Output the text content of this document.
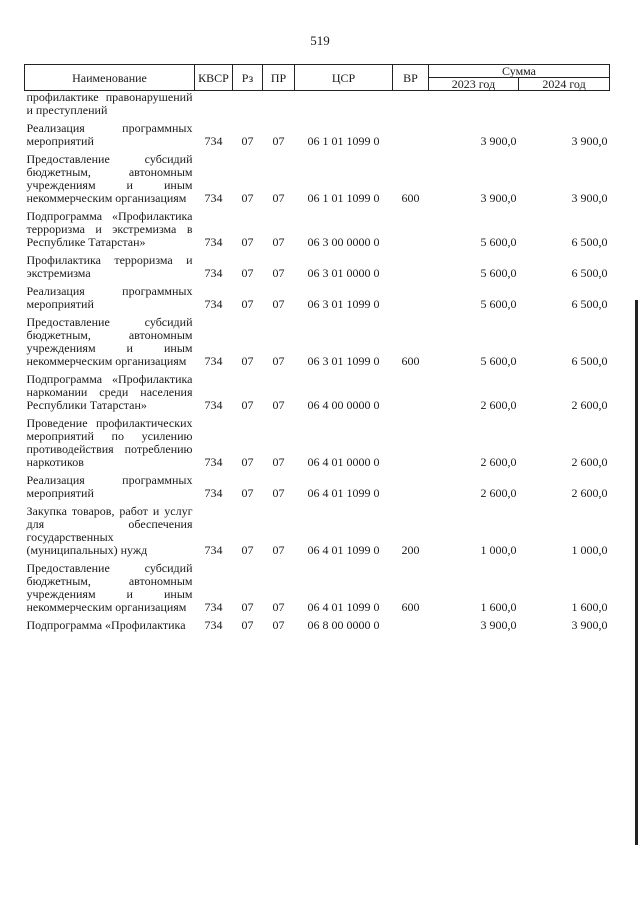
519
Наименование	КВСР	Рз	ПР	ЦСР	ВР	Сумма	
						2023 год	2024 год
профилактике правонарушений и преступлений							
Реализация программных мероприятий	734	07	07	06 1 01 1099 0		3 900,0	3 900,0
Предоставление субсидий бюджетным, автономным учреждениям и иным некоммерческим организациям	734	07	07	06 1 01 1099 0	600	3 900,0	3 900,0
Подпрограмма «Профилактика терроризма и экстремизма в Республике Татарстан»	734	07	07	06 3 00 0000 0		5 600,0	6 500,0
Профилактика терроризма и экстремизма	734	07	07	06 3 01 0000 0		5 600,0	6 500,0
Реализация программных мероприятий	734	07	07	06 3 01 1099 0		5 600,0	6 500,0
Предоставление субсидий бюджетным, автономным учреждениям и иным некоммерческим организациям	734	07	07	06 3 01 1099 0	600	5 600,0	6 500,0
Подпрограмма «Профилактика наркомании среди населения Республики Татарстан»	734	07	07	06 4 00 0000 0		2 600,0	2 600,0
Проведение профилактических мероприятий по усилению противодействия потреблению наркотиков	734	07	07	06 4 01 0000 0		2 600,0	2 600,0
Реализация программных мероприятий	734	07	07	06 4 01 1099 0		2 600,0	2 600,0
Закупка товаров, работ и услуг для обеспечения государственных (муниципальных) нужд	734	07	07	06 4 01 1099 0	200	1 000,0	1 000,0
Предоставление субсидий бюджетным, автономным учреждениям и иным некоммерческим организациям	734	07	07	06 4 01 1099 0	600	1 600,0	1 600,0
Подпрограмма «Профилактика	734	07	07	06 8 00 0000 0		3 900,0	3 900,0
